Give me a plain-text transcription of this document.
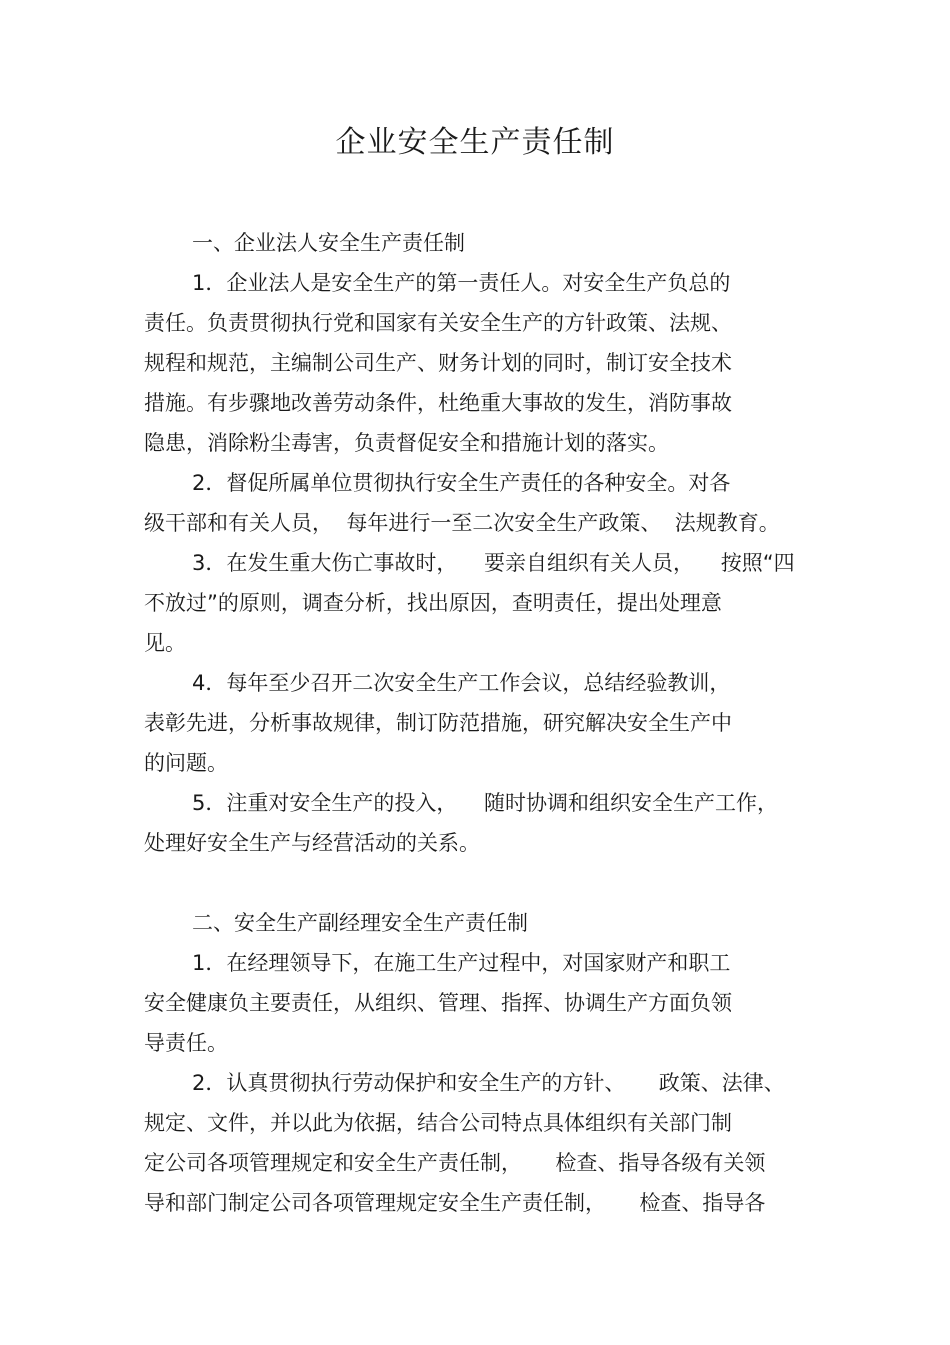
企业安全生产责任制
一、企业法人安全生产责任制
1．企业法人是安全生产的第一责任人。对安全生产负总的
责任。负责贯彻执行党和国家有关安全生产的方针政策、法规、
规程和规范，主编制公司生产、财务计划的同时，制订安全技术
措施。有步骤地改善劳动条件，杜绝重大事故的发生，消防事故
隐患，消除粉尘毒害，负责督促安全和措施计划的落实。
2．督促所属单位贯彻执行安全生产责任的各种安全。对各
级干部和有关人员，  每年进行一至二次安全生产政策、  法规教育。
3．在发生重大伤亡事故时，    要亲自组织有关人员，    按照“四
不放过”的原则，调查分析，找出原因，查明责任，提出处理意
见。
4．每年至少召开二次安全生产工作会议，总结经验教训，
表彰先进，分析事故规律，制订防范措施，研究解决安全生产中
的问题。
5．注重对安全生产的投入，    随时协调和组织安全生产工作，
处理好安全生产与经营活动的关系。
二、安全生产副经理安全生产责任制
1．在经理领导下，在施工生产过程中，对国家财产和职工
安全健康负主要责任，从组织、管理、指挥、协调生产方面负领
导责任。
2．认真贯彻执行劳动保护和安全生产的方针、     政策、法律、
规定、文件，并以此为依据，结合公司特点具体组织有关部门制
定公司各项管理规定和安全生产责任制，     检查、指导各级有关领
导和部门制定公司各项管理规定安全生产责任制，     检查、指导各
